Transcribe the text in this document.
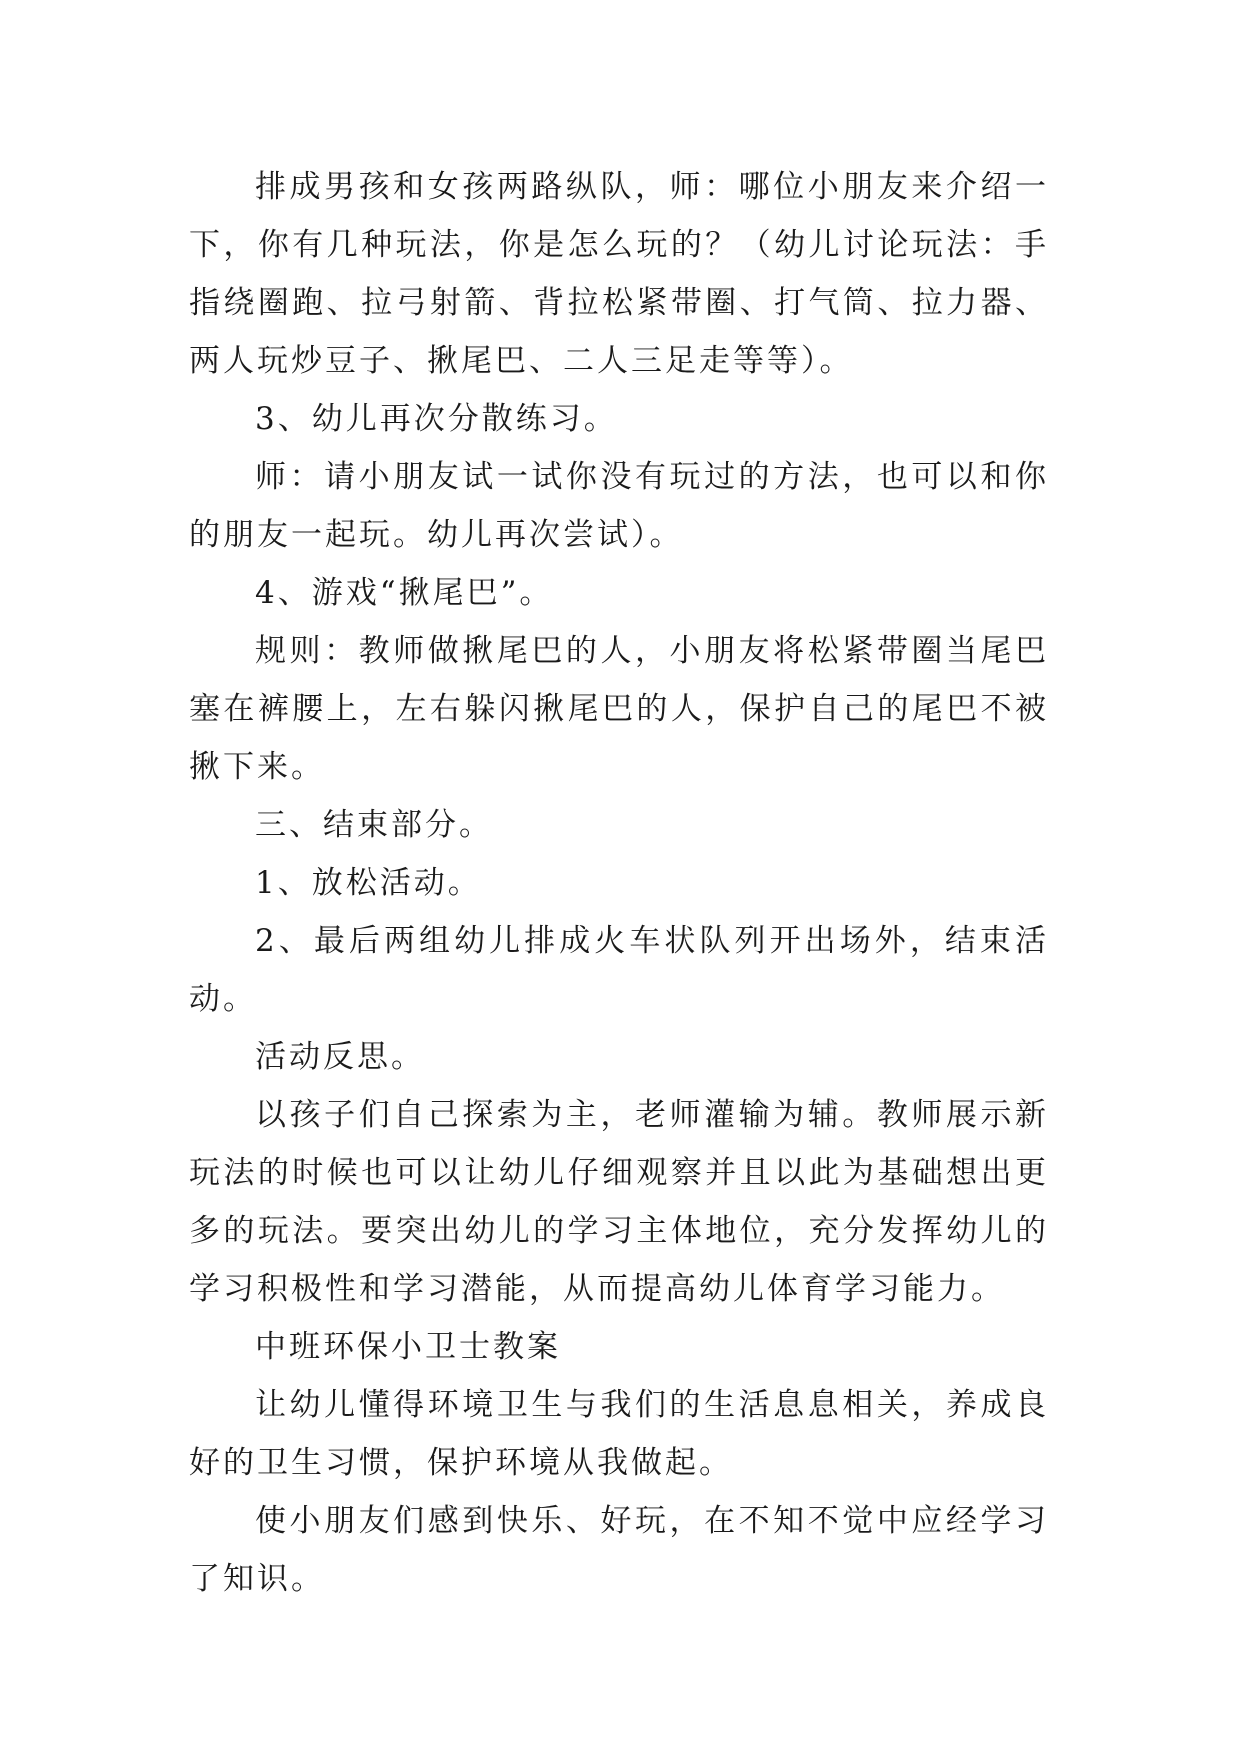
排成男孩和女孩两路纵队，师：哪位小朋友来介绍一下，你有几种玩法，你是怎么玩的？（幼儿讨论玩法：手指绕圈跑、拉弓射箭、背拉松紧带圈、打气筒、拉力器、两人玩炒豆子、揪尾巴、二人三足走等等）。

3、幼儿再次分散练习。

师：请小朋友试一试你没有玩过的方法，也可以和你的朋友一起玩。幼儿再次尝试）。

4、游戏“揪尾巴”。

规则：教师做揪尾巴的人，小朋友将松紧带圈当尾巴塞在裤腰上，左右躲闪揪尾巴的人，保护自己的尾巴不被揪下来。

三、结束部分。

1、放松活动。

2、最后两组幼儿排成火车状队列开出场外，结束活动。

活动反思。

以孩子们自己探索为主，老师灌输为辅。教师展示新玩法的时候也可以让幼儿仔细观察并且以此为基础想出更多的玩法。要突出幼儿的学习主体地位，充分发挥幼儿的学习积极性和学习潜能，从而提高幼儿体育学习能力。

中班环保小卫士教案

让幼儿懂得环境卫生与我们的生活息息相关，养成良好的卫生习惯，保护环境从我做起。

使小朋友们感到快乐、好玩，在不知不觉中应经学习了知识。
